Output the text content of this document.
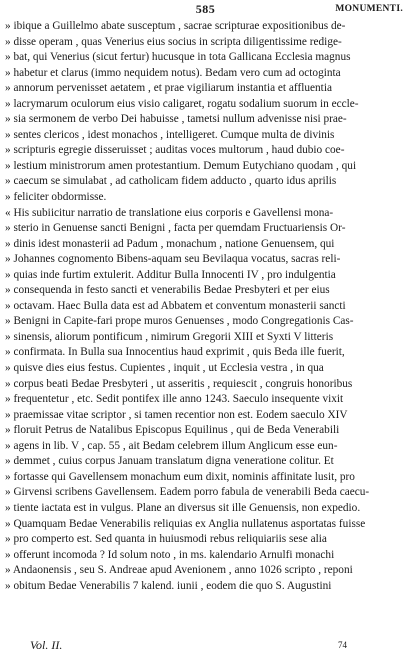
585	MONUMENTI.
» ibique a Guillelmo abate susceptum , sacrae scripturae expositionibus de-
» disse operam , quas Venerius eius socius in scripta diligentissime redige-
» bat, qui Venerius (sicut fertur) hucusque in tota Gallicana Ecclesia magnus
» habetur et clarus (immo nequidem notus). Bedam vero cum ad octoginta
» annorum pervenisset aetatem , et prae vigiliarum instantia et affluentia
» lacrymarum oculorum eius visio caligaret, rogatu sodalium suorum in eccle-
» sia sermonem de verbo Dei habuisse , tametsi nullum advenisse nisi prae-
» sentes clericos , idest monachos , intelligeret. Cumque multa de divinis
» scripturis egregie disseruisset ; auditas voces multorum , haud dubio coe-
» lestium ministrorum amen protestantium. Demum Eutychiano quodam , qui
» caecum se simulabat , ad catholicam fidem adducto , quarto idus aprilis
» feliciter obdormisse.
« His subiicitur narratio de translatione eius corporis e Gavellensi mona-
» sterio in Genuense sancti Benigni , facta per quemdam Fructuariensis Or-
» dinis idest monasterii ad Padum , monachum , natione Genuensem, qui
» Johannes cognomento Bibens-aquam seu Bevilaqua vocatus, sacras reli-
» quias inde furtim extulerit. Additur Bulla Innocenti IV , pro indulgentia
» consequenda in festo sancti et venerabilis Bedae Presbyteri et per eius
» octavam. Haec Bulla data est ad Abbatem et conventum monasterii sancti
» Benigni in Capite-fari prope muros Genuenses , modo Congregationis Cas-
» sinensis, aliorum pontificum , nimirum Gregorii XIII et Syxti V litteris
» confirmata. In Bulla sua Innocentius haud exprimit , quis Beda ille fuerit,
» quisve dies eius festus. Cupientes , inquit , ut Ecclesia vestra , in qua
» corpus beati Bedae Presbyteri , ut asseritis , requiescit , congruis honoribus
» frequentetur , etc. Sedit pontifex ille anno 1243. Saeculo insequente vixit
» praemissae vitae scriptor , si tamen recentior non est. Eodem saeculo XIV
» floruit Petrus de Natalibus Episcopus Equilinus , qui de Beda Venerabili
» agens in lib. V , cap. 55 , ait Bedam celebrem illum Anglicum esse eun-
» demmet , cuius corpus Januam translatum digna veneratione colitur. Et
» fortasse qui Gavellensem monachum eum dixit, nominis affinitate lusit, pro
» Girvensi scribens Gavellensem. Eadem porro fabula de venerabili Beda caecu-
» tiente iactata est in vulgus. Plane an diversus sit ille Genuensis, non expedio.
» Quamquam Bedae Venerabilis reliquias ex Anglia nullatenus asportatas fuisse
» pro comperto est. Sed quanta in huiusmodi rebus reliquiariis sese alia
» offerunt incomoda ? Id solum noto , in ms. kalendario Arnulfi monachi
» Andaonensis , seu S. Andreae apud Avenionem , anno 1026 scripto , reponi
» obitum Bedae Venerabilis 7 kalend. iunii , eodem die quo S. Augustini
Vol. II.	74
